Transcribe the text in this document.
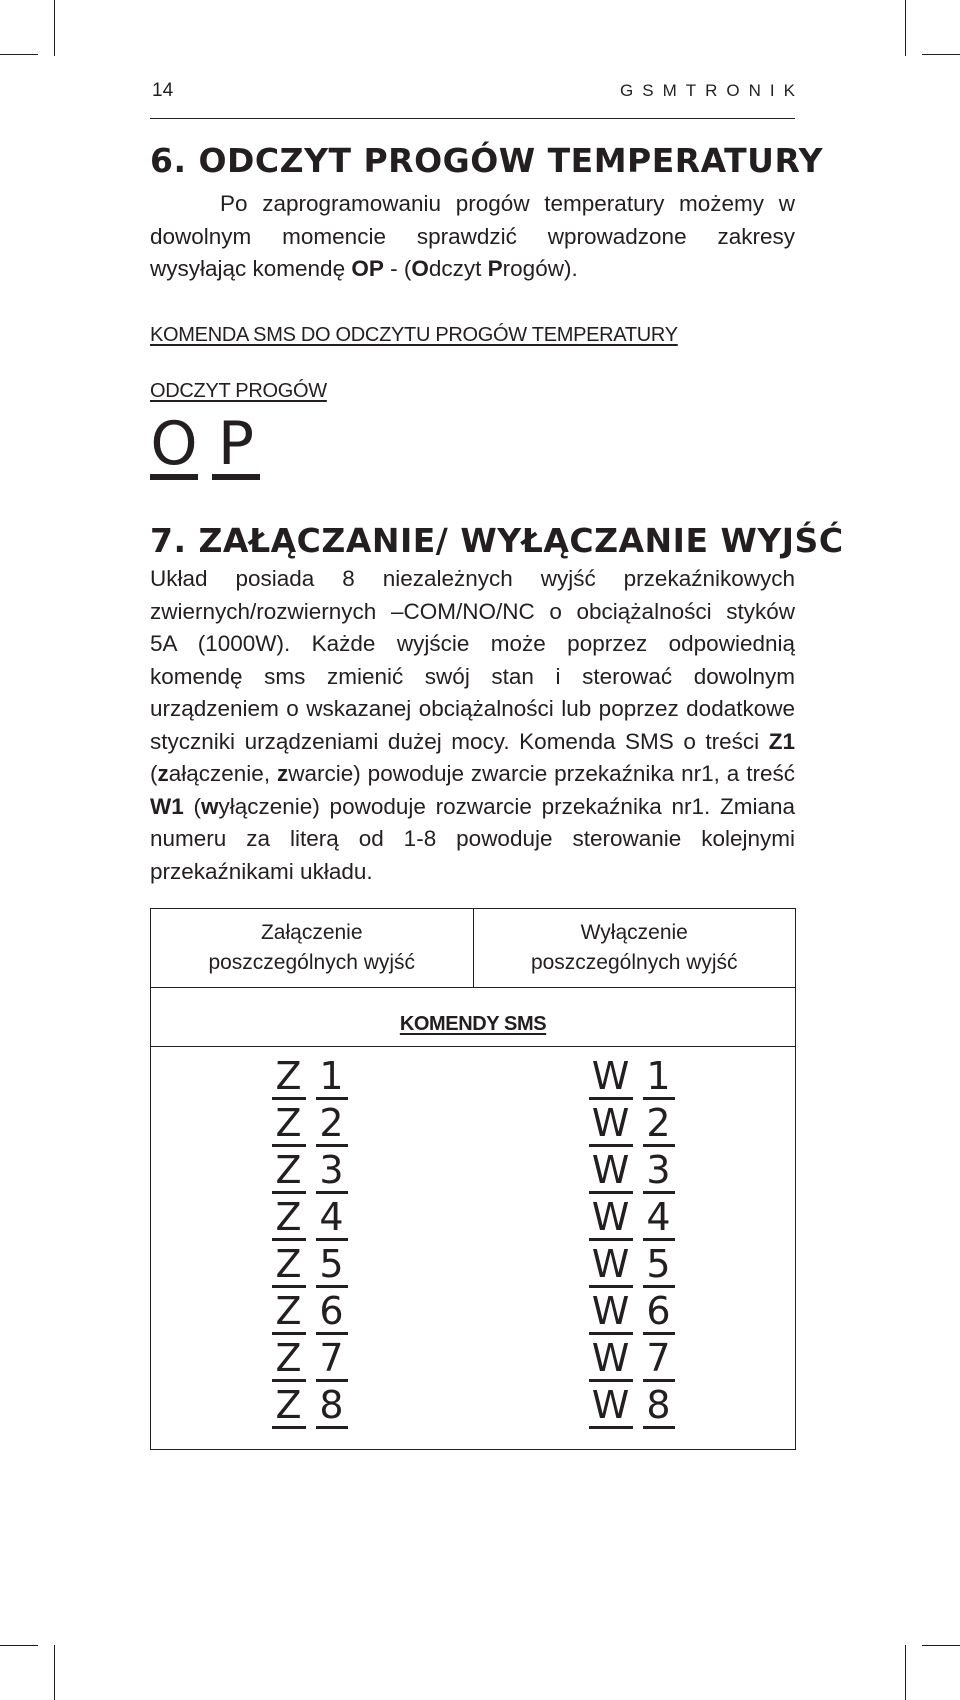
14	GSMTRONIK
6. ODCZYT PROGÓW TEMPERATURY

Po zaprogramowaniu progów temperatury możemy w dowolnym momencie sprawdzić wprowadzone zakresy wysyłając komendę OP - (Odczyt Progów).

KOMENDA SMS DO ODCZYTU PROGÓW TEMPERATURY
ODCZYT PROGÓW
O P
7. ZAŁĄCZANIE/ WYŁĄCZANIE WYJŚĆ

Układ posiada 8 niezależnych wyjść przekaźnikowych zwiernych/rozwiernych –COM/NO/NC o obciążalności styków 5A (1000W). Każde wyjście może poprzez odpowiednią komendę sms zmienić swój stan i sterować dowolnym urządzeniem o wskazanej obciążalności lub poprzez dodatkowe styczniki urządzeniami dużej mocy. Komenda SMS o treści Z1 (załączenie, zwarcie) powoduje zwarcie przekaźnika nr1, a treść W1 (wyłączenie) powoduje rozwarcie przekaźnika nr1. Zmiana numeru za literą od 1-8 powoduje sterowanie kolejnymi przekaźnikami układu.

Załączenie poszczególnych wyjść	Wyłączenie poszczególnych wyjść
KOMENDY SMS

Z 1
Z 2
Z 3
Z 4
Z 5
Z 6
Z 7
Z 8
W 1
W 2
W 3
W 4
W 5
W 6
W 7
W 8
